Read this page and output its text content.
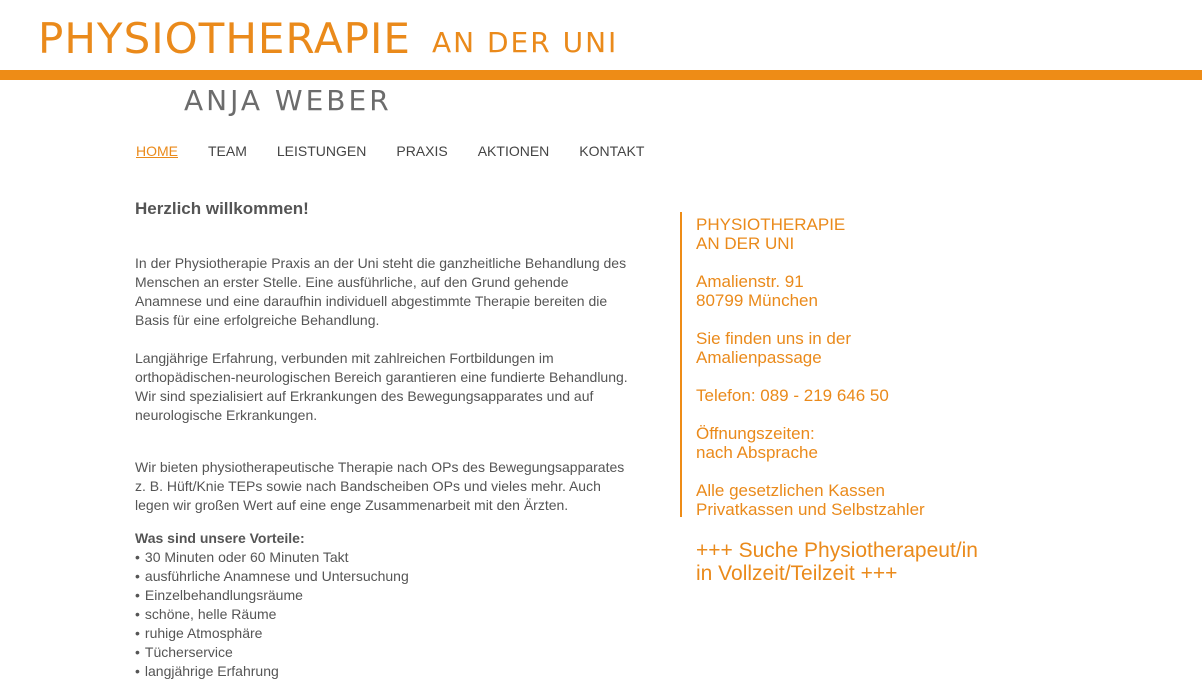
PHYSIOTHERAPIE AN DER UNI
ANJA WEBER
HOME TEAM LEISTUNGEN PRAXIS AKTIONEN KONTAKT
Herzlich willkommen!

In der Physiotherapie Praxis an der Uni steht die ganzheitliche Behandlung des Menschen an erster Stelle. Eine ausführliche, auf den Grund gehende Anamnese und eine daraufhin individuell abgestimmte Therapie bereiten die Basis für eine erfolgreiche Behandlung.

Langjährige Erfahrung, verbunden mit zahlreichen Fortbildungen im orthopädischen-neurologischen Bereich garantieren eine fundierte Behandlung. Wir sind spezialisiert auf Erkrankungen des Bewegungsapparates und auf neurologische Erkrankungen.

Wir bieten physiotherapeutische Therapie nach OPs des Bewegungsapparates z. B. Hüft/Knie TEPs sowie nach Bandscheiben OPs und vieles mehr. Auch legen wir großen Wert auf eine enge Zusammenarbeit mit den Ärzten.

Was sind unsere Vorteile:
• 30 Minuten oder 60 Minuten Takt
• ausführliche Anamnese und Untersuchung
• Einzelbehandlungsräume
• schöne, helle Räume
• ruhige Atmosphäre
• Tücherservice
• langjährige Erfahrung
PHYSIOTHERAPIE
AN DER UNI
Amalienstr. 91
80799 München
Sie finden uns in der
Amalienpassage
Telefon: 089 - 219 646 50
Öffnungszeiten:
nach Absprache
Alle gesetzlichen Kassen
Privatkassen und Selbstzahler
+++ Suche Physiotherapeut/in
in Vollzeit/Teilzeit +++
